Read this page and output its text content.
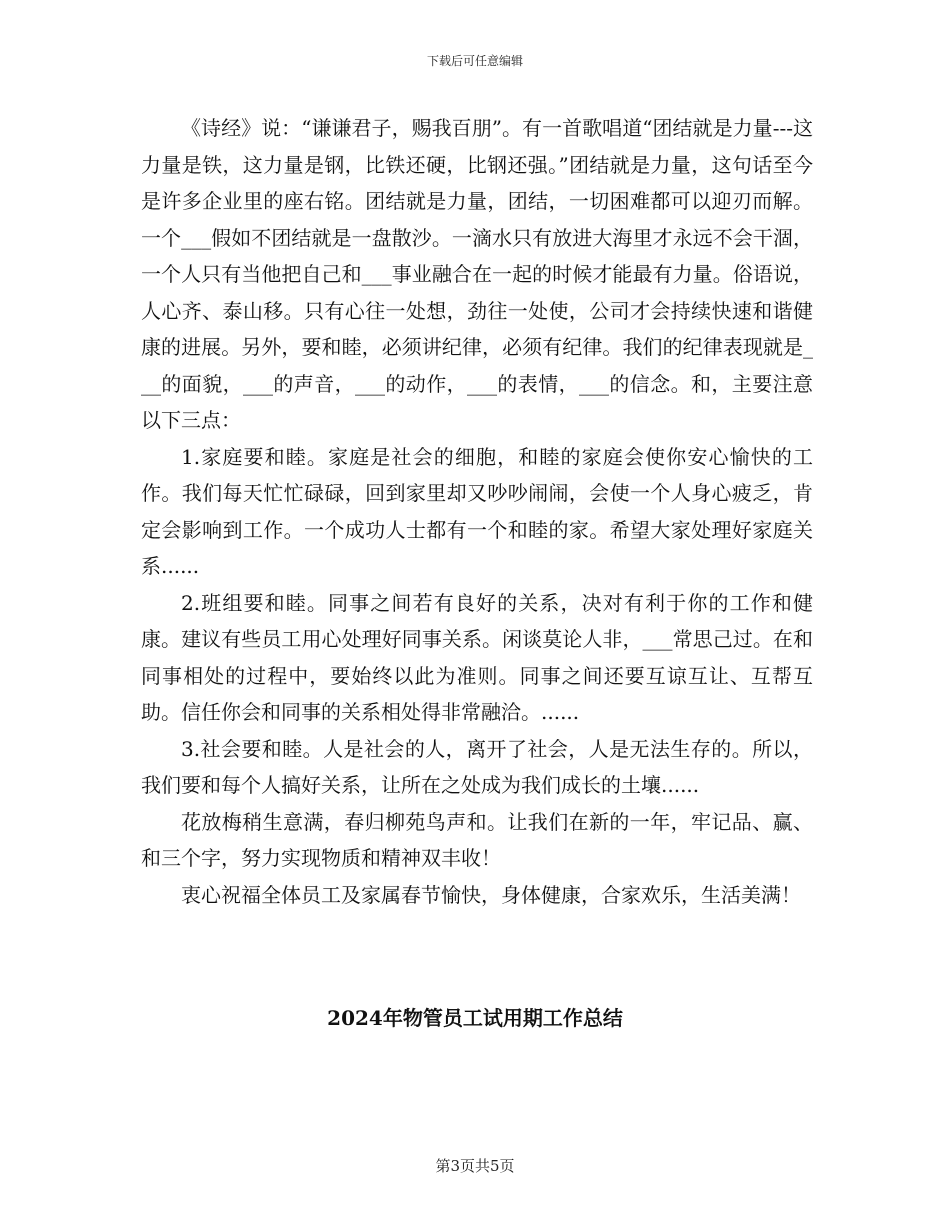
下载后可任意编辑

《诗经》说：“谦谦君子，赐我百朋”。有一首歌唱道“团结就是力量---这力量是铁，这力量是钢，比铁还硬，比钢还强。”团结就是力量，这句话至今是许多企业里的座右铭。团结就是力量，团结，一切困难都可以迎刃而解。一个___假如不团结就是一盘散沙。一滴水只有放进大海里才永远不会干涸，一个人只有当他把自己和___事业融合在一起的时候才能最有力量。俗语说，人心齐、泰山移。只有心往一处想，劲往一处使，公司才会持续快速和谐健康的进展。另外，要和睦，必须讲纪律，必须有纪律。我们的纪律表现就是___的面貌，___的声音，___的动作，___的表情，___的信念。和，主要注意以下三点：

1.家庭要和睦。家庭是社会的细胞，和睦的家庭会使你安心愉快的工作。我们每天忙忙碌碌，回到家里却又吵吵闹闹，会使一个人身心疲乏，肯定会影响到工作。一个成功人士都有一个和睦的家。希望大家处理好家庭关系......

2.班组要和睦。同事之间若有良好的关系，决对有利于你的工作和健康。建议有些员工用心处理好同事关系。闲谈莫论人非，___常思己过。在和同事相处的过程中，要始终以此为准则。同事之间还要互谅互让、互帮互助。信任你会和同事的关系相处得非常融洽。......

3.社会要和睦。人是社会的人，离开了社会，人是无法生存的。所以，我们要和每个人搞好关系，让所在之处成为我们成长的土壤......

花放梅稍生意满，春归柳苑鸟声和。让我们在新的一年，牢记品、赢、和三个字，努力实现物质和精神双丰收！

衷心祝福全体员工及家属春节愉快，身体健康，合家欢乐，生活美满！

2024年物管员工试用期工作总结
第3页共5页
